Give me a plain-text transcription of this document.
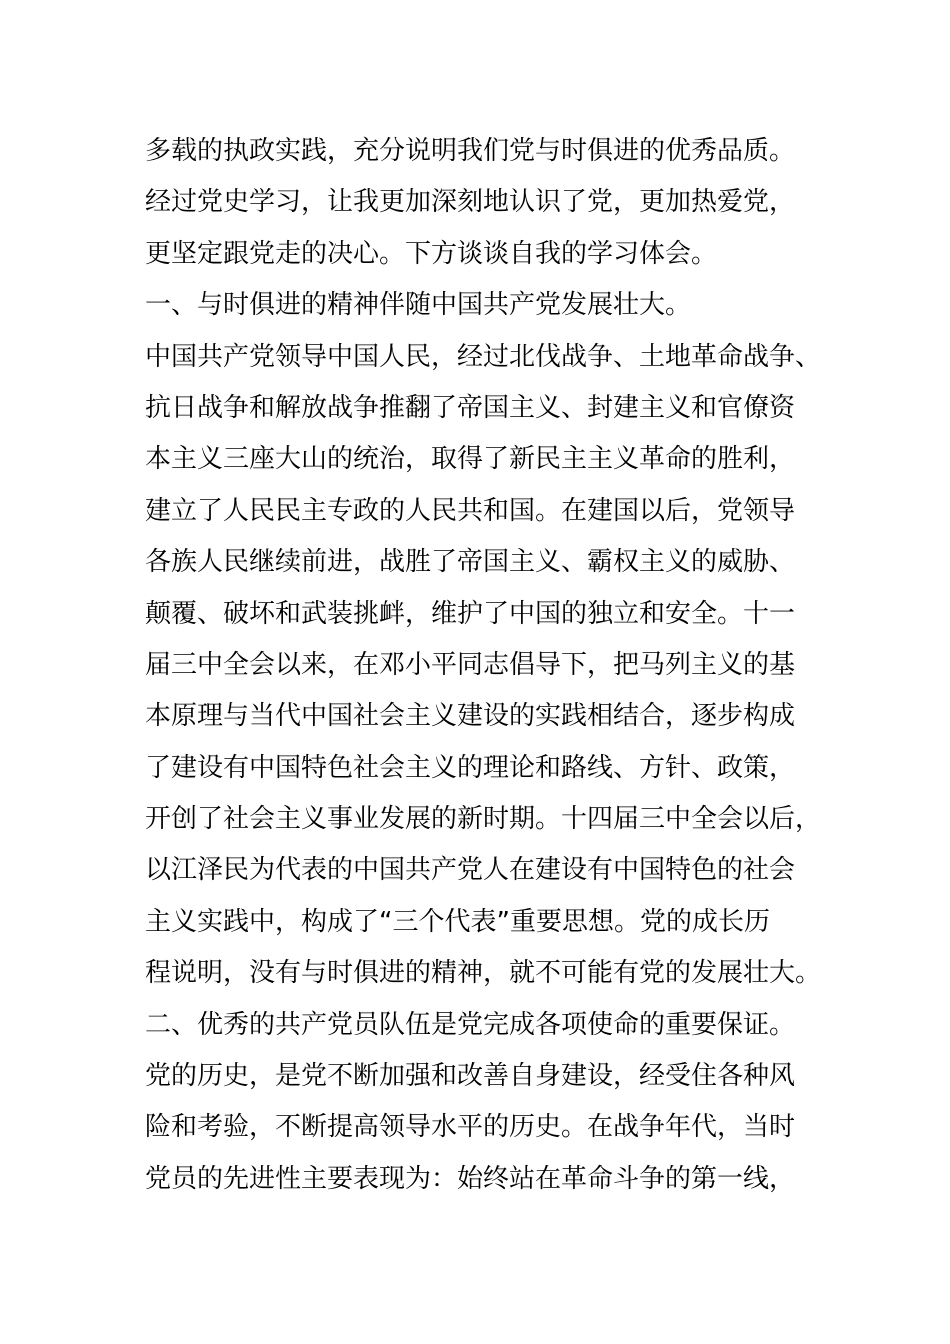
多载的执政实践，充分说明我们党与时俱进的优秀品质。
经过党史学习，让我更加深刻地认识了党，更加热爱党，
更坚定跟党走的决心。下方谈谈自我的学习体会。
一、与时俱进的精神伴随中国共产党发展壮大。
中国共产党领导中国人民，经过北伐战争、土地革命战争、
抗日战争和解放战争推翻了帝国主义、封建主义和官僚资
本主义三座大山的统治，取得了新民主主义革命的胜利，
建立了人民民主专政的人民共和国。在建国以后，党领导
各族人民继续前进，战胜了帝国主义、霸权主义的威胁、
颠覆、破坏和武装挑衅，维护了中国的独立和安全。十一
届三中全会以来，在邓小平同志倡导下，把马列主义的基
本原理与当代中国社会主义建设的实践相结合，逐步构成
了建设有中国特色社会主义的理论和路线、方针、政策，
开创了社会主义事业发展的新时期。十四届三中全会以后，
以江泽民为代表的中国共产党人在建设有中国特色的社会
主义实践中，构成了“三个代表”重要思想。党的成长历
程说明，没有与时俱进的精神，就不可能有党的发展壮大。
二、优秀的共产党员队伍是党完成各项使命的重要保证。
党的历史，是党不断加强和改善自身建设，经受住各种风
险和考验，不断提高领导水平的历史。在战争年代，当时
党员的先进性主要表现为：始终站在革命斗争的第一线，
